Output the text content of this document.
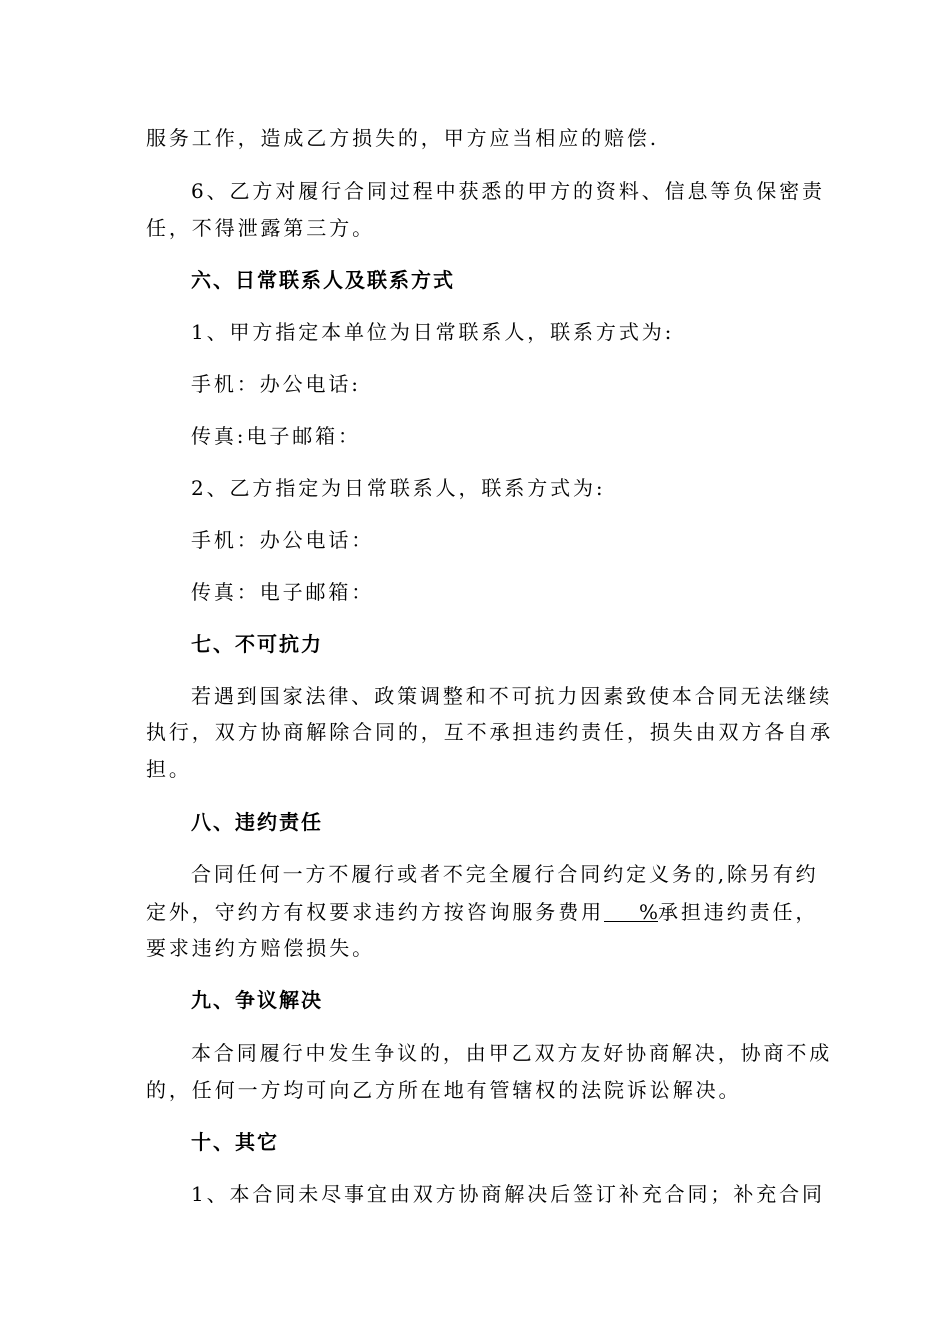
服务工作，造成乙方损失的，甲方应当相应的赔偿.
6、乙方对履行合同过程中获悉的甲方的资料、信息等负保密责
任，不得泄露第三方。
六、日常联系人及联系方式
1、甲方指定本单位为日常联系人，联系方式为:
手机：办公电话:
传真:电子邮箱：
2、乙方指定为日常联系人，联系方式为:
手机：办公电话：
传真：电子邮箱：
七、不可抗力
若遇到国家法律、政策调整和不可抗力因素致使本合同无法继续
执行，双方协商解除合同的，互不承担违约责任，损失由双方各自承
担。
八、违约责任
合同任何一方不履行或者不完全履行合同约定义务的,除另有约
定外，守约方有权要求违约方按咨询服务费用 %承担违约责任，
要求违约方赔偿损失。
九、争议解决
本合同履行中发生争议的，由甲乙双方友好协商解决，协商不成
的，任何一方均可向乙方所在地有管辖权的法院诉讼解决。
十、其它
1、本合同未尽事宜由双方协商解决后签订补充合同；补充合同
